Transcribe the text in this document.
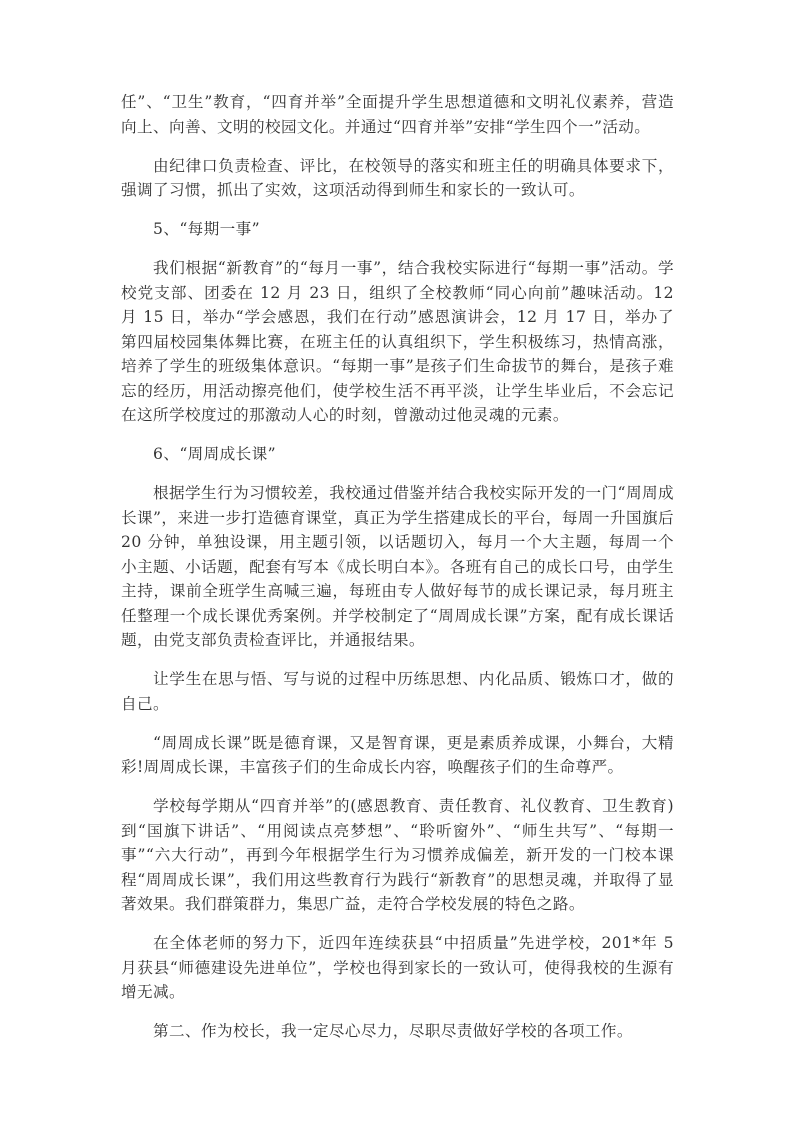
任”、“卫生”教育，“四育并举”全面提升学生思想道德和文明礼仪素养，营造向上、向善、文明的校园文化。并通过“四育并举”安排“学生四个一”活动。

由纪律口负责检查、评比，在校领导的落实和班主任的明确具体要求下，强调了习惯，抓出了实效，这项活动得到师生和家长的一致认可。

5、“每期一事”

我们根据“新教育”的“每月一事”，结合我校实际进行“每期一事”活动。学校党支部、团委在 12 月 23 日，组织了全校教师“同心向前”趣味活动。12 月 15 日，举办“学会感恩，我们在行动”感恩演讲会，12 月 17 日，举办了第四届校园集体舞比赛，在班主任的认真组织下，学生积极练习，热情高涨，培养了学生的班级集体意识。“每期一事”是孩子们生命拔节的舞台，是孩子难忘的经历，用活动擦亮他们，使学校生活不再平淡，让学生毕业后，不会忘记在这所学校度过的那激动人心的时刻，曾激动过他灵魂的元素。

6、“周周成长课”

根据学生行为习惯较差，我校通过借鉴并结合我校实际开发的一门“周周成长课”，来进一步打造德育课堂，真正为学生搭建成长的平台，每周一升国旗后 20 分钟，单独设课，用主题引领，以话题切入，每月一个大主题，每周一个小主题、小话题，配套有写本《成长明白本》。各班有自己的成长口号，由学生主持，课前全班学生高喊三遍，每班由专人做好每节的成长课记录，每月班主任整理一个成长课优秀案例。并学校制定了“周周成长课”方案，配有成长课话题，由党支部负责检查评比，并通报结果。

让学生在思与悟、写与说的过程中历练思想、内化品质、锻炼口才，做的自己。

“周周成长课”既是德育课，又是智育课，更是素质养成课，小舞台，大精彩!周周成长课，丰富孩子们的生命成长内容，唤醒孩子们的生命尊严。

学校每学期从“四育并举”的(感恩教育、责任教育、礼仪教育、卫生教育)到“国旗下讲话”、“用阅读点亮梦想”、“聆听窗外”、“师生共写”、“每期一事”“六大行动”，再到今年根据学生行为习惯养成偏差，新开发的一门校本课程“周周成长课”，我们用这些教育行为践行“新教育”的思想灵魂，并取得了显著效果。我们群策群力，集思广益，走符合学校发展的特色之路。

在全体老师的努力下，近四年连续获县“中招质量”先进学校，201*年 5 月获县“师德建设先进单位”，学校也得到家长的一致认可，使得我校的生源有增无减。

第二、作为校长，我一定尽心尽力，尽职尽责做好学校的各项工作。
